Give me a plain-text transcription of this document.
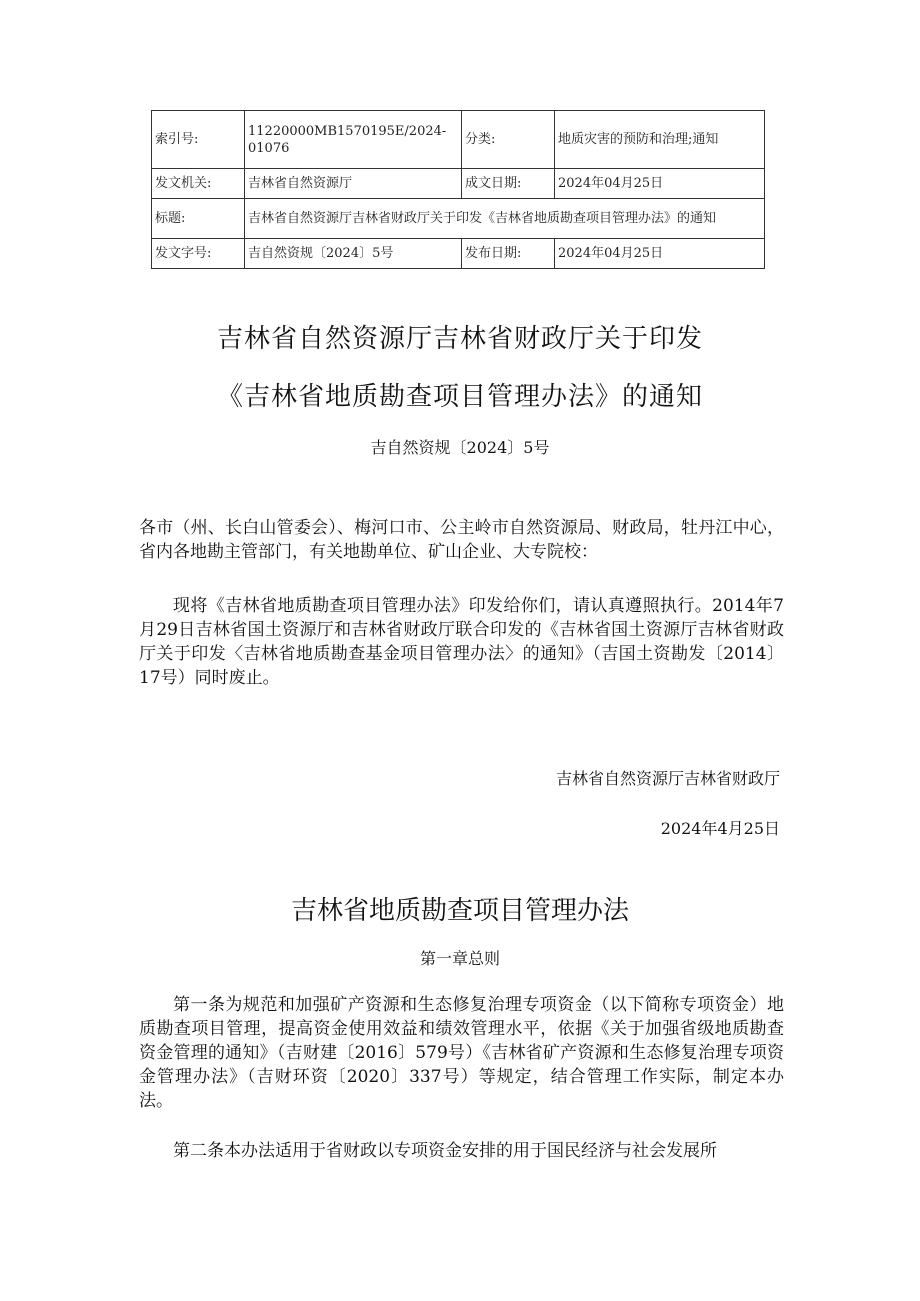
索引号:	11220000MB1570195E/2024-01076	分类:	地质灾害的预防和治理;通知
发文机关:	吉林省自然资源厅	成文日期:	2024年04月25日
标题:	吉林省自然资源厅吉林省财政厅关于印发《吉林省地质勘查项目管理办法》的通知		
发文字号:	吉自然资规〔2024〕5号	发布日期:	2024年04月25日
吉林省自然资源厅吉林省财政厅关于印发
《吉林省地质勘查项目管理办法》的通知
吉自然资规〔2024〕5号

各市（州、长白山管委会）、梅河口市、公主岭市自然资源局、财政局，牡丹江中心，省内各地勘主管部门，有关地勘单位、矿山企业、大专院校：

现将《吉林省地质勘查项目管理办法》印发给你们，请认真遵照执行。2014年7月29日吉林省国土资源厅和吉林省财政厅联合印发的《吉林省国土资源厅吉林省财政厅关于印发〈吉林省地质勘查基金项目管理办法〉的通知》（吉国土资勘发〔2014〕17号）同时废止。

吉林省自然资源厅吉林省财政厅
2024年4月25日
吉林省地质勘查项目管理办法
第一章总则

第一条为规范和加强矿产资源和生态修复治理专项资金（以下简称专项资金）地质勘查项目管理，提高资金使用效益和绩效管理水平，依据《关于加强省级地质勘查资金管理的通知》（吉财建〔2016〕579号）《吉林省矿产资源和生态修复治理专项资金管理办法》（吉财环资〔2020〕337号）等规定，结合管理工作实际，制定本办法。

第二条本办法适用于省财政以专项资金安排的用于国民经济与社会发展所
